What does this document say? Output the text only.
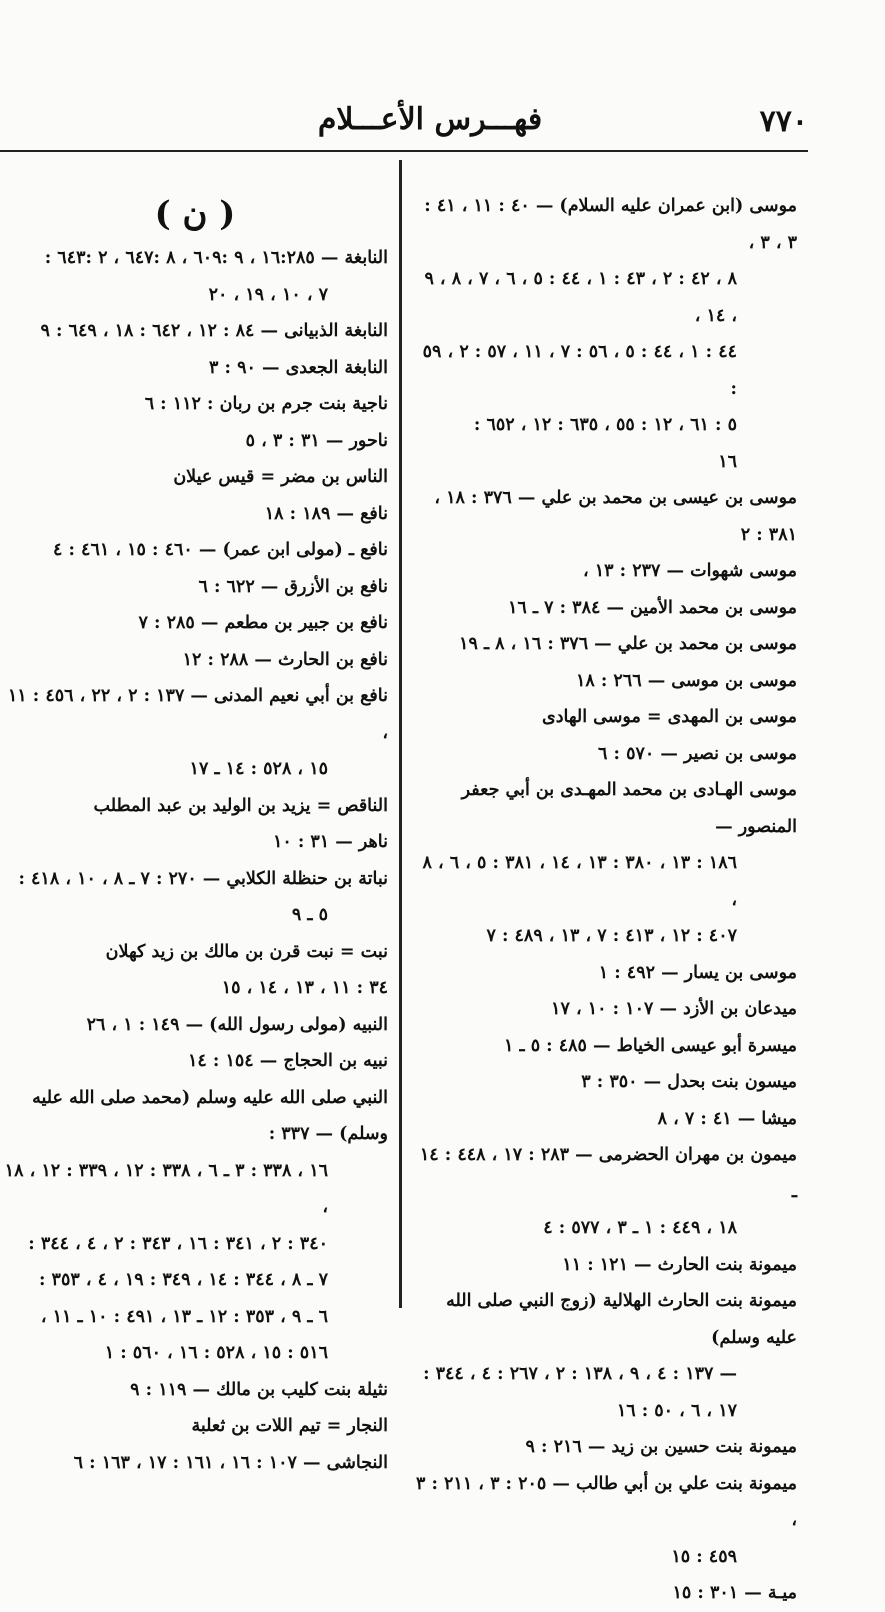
٧٧٠
فهـــرس الأعـــلام

موسى (ابن عمران عليه السلام) — ٤٠ : ١١ ، ٤١ : ٣ ، ٣ ،
٨ ، ٤٢ : ٢ ، ٤٣ : ١ ، ٤٤ : ٥ ، ٦ ، ٧ ، ٨ ، ٩ ، ١٤ ،
٤٤ : ١ ، ٤٤ : ٥ ، ٥٦ : ٧ ، ١١ ، ٥٧ : ٢ ، ٥٩ :
٥ : ٦١ ، ١٢ : ٥٥ ، ٦٣٥ : ١٢ ، ٦٥٢ :
١٦

موسى بن عيسى بن محمد بن علي — ٣٧٦ : ١٨ ، ٣٨١ : ٢

موسى شهوات — ٢٣٧ : ١٣ ،

موسى بن محمد الأمين — ٣٨٤ : ٧ ـ ١٦

موسى بن محمد بن علي — ٣٧٦ : ١٦ ، ٨ ـ ١٩

موسى بن موسى — ٢٦٦ : ١٨

موسى بن المهدى = موسى الهادى

موسى بن نصير — ٥٧٠ : ٦

موسى الهـادى بن محمد المهـدى بن أبي جعفر المنصور —
١٨٦ : ١٣ ، ٣٨٠ : ١٣ ، ١٤ ، ٣٨١ : ٥ ، ٦ ، ٨ ،
٤٠٧ : ١٢ ، ٤١٣ : ٧ ، ١٣ ، ٤٨٩ : ٧

موسى بن يسار — ٤٩٢ : ١

ميدعان بن الأزد — ١٠٧ : ١٠ ، ١٧

ميسرة أبو عيسى الخياط — ٤٨٥ : ٥ ـ ١

ميسون بنت بحدل — ٣٥٠ : ٣

ميشا — ٤١ : ٧ ، ٨

ميمون بن مهران الحضرمى — ٢٨٣ : ١٧ ، ٤٤٨ : ١٤ ـ
١٨ ، ٤٤٩ : ١ ـ ٣ ، ٥٧٧ : ٤

ميمونة بنت الحارث — ١٢١ : ١١

ميمونة بنت الحارث الهلالية (زوج النبي صلى الله عليه وسلم)
— ١٣٧ : ٤ ، ٩ ، ١٣٨ : ٢ ، ٢٦٧ : ٤ ، ٣٤٤ :
١٧ ، ٦ ، ٥٠ : ١٦

ميمونة بنت حسين بن زيد — ٢١٦ : ٩

ميمونة بنت علي بن أبي طالب — ٢٠٥ : ٣ ، ٢١١ : ٣ ،
٤٥٩ : ١٥

ميـة — ٣٠١ : ١٥

( ن )

النابغة — ١٦:٢٨٥ ، ٩ :٦٠٩ ، ٨ :٦٤٧ ، ٢ :٦٤٣ :
٧ ، ١٠ ، ١٩ ، ٢٠

النابغة الذبيانى — ٨٤ : ١٢ ، ٦٤٢ : ١٨ ، ٦٤٩ : ٩

النابغة الجعدى — ٩٠ : ٣

ناجية بنت جرم بن ربان : ١١٢ : ٦

ناحور — ٣١ : ٣ ، ٥

الناس بن مضر = قيس عيلان

نافع — ١٨٩ : ١٨

نافع ـ (مولى ابن عمر) — ٤٦٠ : ١٥ ، ٤٦١ : ٤

نافع بن الأزرق — ٦٢٢ : ٦

نافع بن جبير بن مطعم — ٢٨٥ : ٧

نافع بن الحارث — ٢٨٨ : ١٢

نافع بن أبي نعيم المدنى — ١٣٧ : ٢ ، ٢٢ ، ٤٥٦ : ١١ ،
١٥ ، ٥٢٨ : ١٤ ـ ١٧

الناقص = يزيد بن الوليد بن عبد المطلب

ناهر — ٣١ : ١٠

نباتة بن حنظلة الكلابي — ٢٧٠ : ٧ ـ ٨ ، ١٠ ، ٤١٨ :
٥ ـ ٩

نبت = نبت قرن بن مالك بن زيد كهلان

٣٤ : ١١ ، ١٣ ، ١٤ ، ١٥

النبيه (مولى رسول الله) — ١٤٩ : ١ ، ٢٦

نبيه بن الحجاج — ١٥٤ : ١٤

النبي صلى الله عليه وسلم (محمد صلى الله عليه وسلم) — ٣٣٧ :
١٦ ، ٣٣٨ : ٣ ـ ٦ ، ٣٣٨ : ١٢ ، ٣٣٩ : ١٢ ، ١٨ ،
٣٤٠ : ٢ ، ٣٤١ : ١٦ ، ٣٤٣ : ٢ ، ٤ ، ٣٤٤ :
٧ ـ ٨ ، ٣٤٤ : ١٤ ، ٣٤٩ : ١٩ ، ٤ ، ٣٥٣ :
٦ ـ ٩ ، ٣٥٣ : ١٢ ـ ١٣ ، ٤٩١ : ١٠ ـ ١١ ،
٥١٦ : ١٥ ، ٥٢٨ : ١٦ ، ٥٦٠ : ١

نثيلة بنت كليب بن مالك — ١١٩ : ٩

النجار = تيم اللات بن ثعلبة

النجاشى — ١٠٧ : ١٦ ، ١٦١ : ١٧ ، ١٦٣ : ٦
